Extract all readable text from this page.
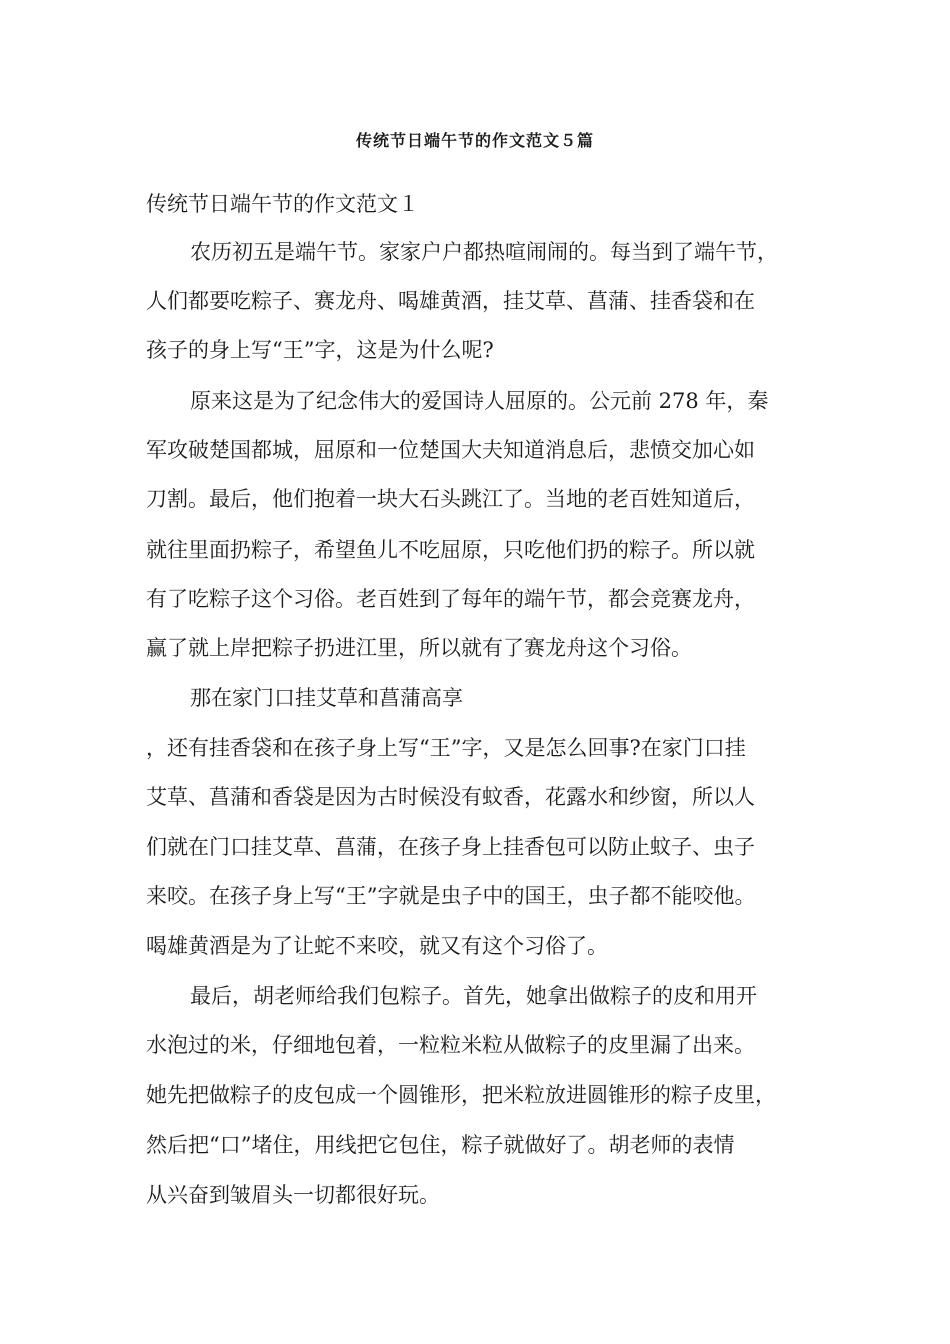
传统节日端午节的作文范文５篇
传统节日端午节的作文范文１
农历初五是端午节。家家户户都热喧闹闹的。每当到了端午节，
人们都要吃粽子、赛龙舟、喝雄黄酒，挂艾草、菖蒲、挂香袋和在
孩子的身上写“王”字，这是为什么呢?
原来这是为了纪念伟大的爱国诗人屈原的。公元前 278 年，秦
军攻破楚国都城，屈原和一位楚国大夫知道消息后，悲愤交加心如
刀割。最后，他们抱着一块大石头跳江了。当地的老百姓知道后，
就往里面扔粽子，希望鱼儿不吃屈原，只吃他们扔的粽子。所以就
有了吃粽子这个习俗。老百姓到了每年的端午节，都会竞赛龙舟，
赢了就上岸把粽子扔进江里，所以就有了赛龙舟这个习俗。
那在家门口挂艾草和菖蒲高享
，还有挂香袋和在孩子身上写“王”字，又是怎么回事?在家门口挂
艾草、菖蒲和香袋是因为古时候没有蚊香，花露水和纱窗，所以人
们就在门口挂艾草、菖蒲，在孩子身上挂香包可以防止蚊子、虫子
来咬。在孩子身上写“王”字就是虫子中的国王，虫子都不能咬他。
喝雄黄酒是为了让蛇不来咬，就又有这个习俗了。
最后，胡老师给我们包粽子。首先，她拿出做粽子的皮和用开
水泡过的米，仔细地包着，一粒粒米粒从做粽子的皮里漏了出来。
她先把做粽子的皮包成一个圆锥形，把米粒放进圆锥形的粽子皮里，
然后把“口”堵住，用线把它包住，粽子就做好了。胡老师的表情
从兴奋到皱眉头一切都很好玩。
